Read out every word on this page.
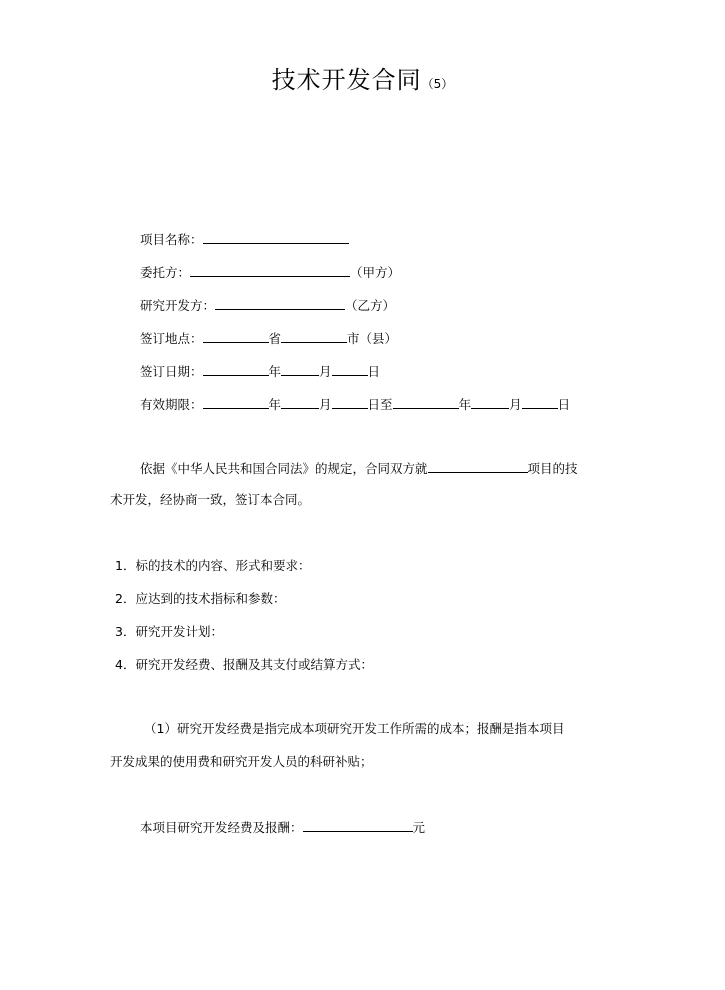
技术开发合同（5）
项目名称：
委托方：	（甲方）
研究开发方：	（乙方）
签订地点：	省	市（县）
签订日期：	年	月	日
有效期限：	年	月	日至	年	月	日
依据《中华人民共和国合同法》的规定，合同双方就	项目的技
术开发，经协商一致，签订本合同。
1．标的技术的内容、形式和要求：
2．应达到的技术指标和参数：
3．研究开发计划：
4．研究开发经费、报酬及其支付或结算方式：
（1）研究开发经费是指完成本项研究开发工作所需的成本；报酬是指本项目
开发成果的使用费和研究开发人员的科研补贴；
本项目研究开发经费及报酬：	元
